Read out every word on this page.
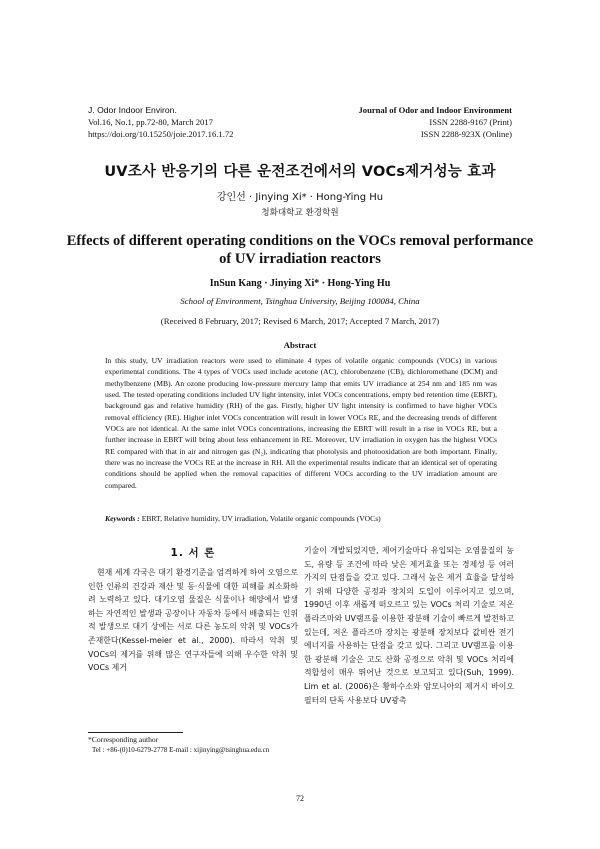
J. Odor Indoor Environ.
Vol.16, No.1, pp.72-80, March 2017
https://doi.org/10.15250/joie.2017.16.1.72
Journal of Odor and Indoor Environment
ISSN 2288-9167 (Print)
ISSN 2288-923X (Online)
UV조사 반응기의 다른 운전조건에서의 VOCs제거성능 효과
강인선 · Jinying Xi* · Hong-Ying Hu
청화대학교 환경학원
Effects of different operating conditions on the VOCs removal performance of UV irradiation reactors
InSun Kang · Jinying Xi* · Hong-Ying Hu
School of Environment, Tsinghua University, Beijing 100084, China
(Received 8 February, 2017; Revised 6 March, 2017; Accepted 7 March, 2017)
Abstract
In this study, UV irradiation reactors were used to eliminate 4 types of volatile organic compounds (VOCs) in various experimental conditions. The 4 types of VOCs used include acetone (AC), chlorobenzene (CB), dichloromethane (DCM) and methylbenzene (MB). An ozone producing low-pressure mercury lamp that emits UV irradiance at 254 nm and 185 nm was used. The tested operating conditions included UV light intensity, inlet VOCs concentrations, empty bed retention time (EBRT), background gas and relative humidity (RH) of the gas. Firstly, higher UV light intensity is confirmed to have higher VOCs removal efficiency (RE). Higher inlet VOCs concentration will result in lower VOCs RE, and the decreasing trends of different VOCs are not identical. At the same inlet VOCs concentrations, increasing the EBRT will result in a rise in VOCs RE, but a further increase in EBRT will bring about less enhancement in RE. Moreover, UV irradiation in oxygen has the highest VOCs RE compared with that in air and nitrogen gas (N₂), indicating that photolysis and photooxidation are both important. Finally, there was no increase the VOCs RE at the increase in RH. All the experimental results indicate that an identical set of operating conditions should be applied when the removal capacities of different VOCs according to the UV irradiation amount are compared.
Keywords : EBRT, Relative humidity, UV irradiation, Volatile organic compounds (VOCs)
1. 서 론
현재 세계 각국은 대기 환경기준을 엄격하게 하여 오염으로 인한 인류의 건강과 재산 및 동·식물에 대한 피해를 최소화하려 노력하고 있다. 대기오염 물질은 식물이나 해양에서 발생하는 자연적인 발생과 공장이나 자동차 등에서 배출되는 인위적 발생으로 대기 상에는 서로 다른 농도의 악취 및 VOCs가 존재한다(Kessel-meier et al., 2000). 따라서 악취 및 VOCs의 제거를 위해 많은 연구자들에 의해 우수한 악취 및 VOCs 제거
기술이 개발되었지만, 제어기술마다 유입되는 오염물질의 농도, 유량 등 조건에 따라 낮은 제거효율 또는 경제성 등 여러 가지의 단점들을 갖고 있다. 그래서 높은 제거 효율을 달성하기 위해 다양한 공정과 장치의 도입이 이루어지고 있으며, 1990년 이후 새롭게 떠오르고 있는 VOCs 처리 기술로 저온 플라즈마와 UV램프를 이용한 광분해 기술이 빠르게 발전하고 있는데, 저온 플라즈마 장치는 광분해 장치보다 값비싼 전기에너지를 사용하는 단점을 갖고 있다. 그리고 UV램프를 이용한 광분해 기술은 고도 산화 공정으로 악취 및 VOCs 처리에 적합성이 매우 뛰어난 것으로 보고되고 있다(Suh, 1999). Lim et al. (2006)은 황하수소와 암모니아의 제거시 바이오 필터의 단독 사용보다 UV광촉
*Corresponding author
Tel : +86-(0)10-6279-2778 E-mail : xijinying@tsinghua.edu.cn
72
